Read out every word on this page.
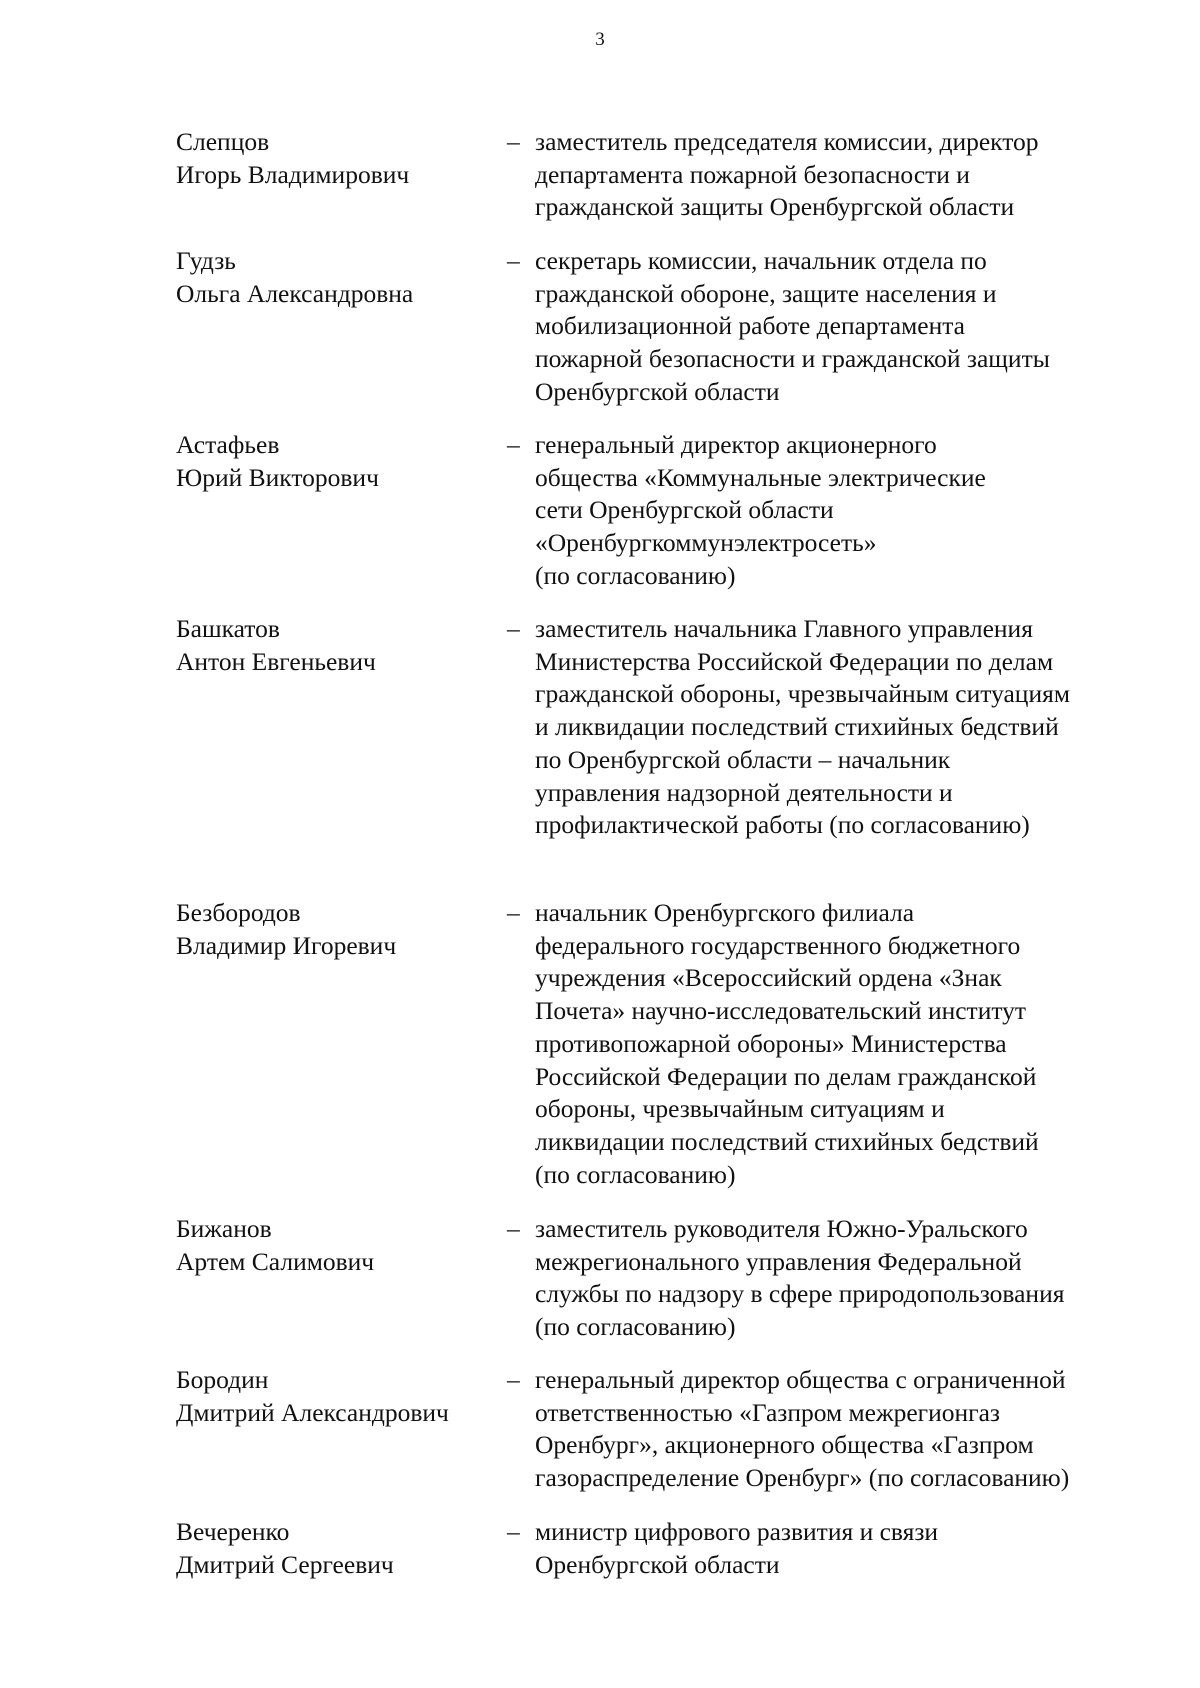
3
Слепцов
Игорь Владимирович
– заместитель председателя комиссии, директор
департамента пожарной безопасности и
гражданской защиты Оренбургской области
Гудзь
Ольга Александровна
– секретарь комиссии, начальник отдела по
гражданской обороне, защите населения и
мобилизационной работе департамента
пожарной безопасности и гражданской защиты
Оренбургской области
Астафьев
Юрий Викторович
– генеральный директор акционерного
общества «Коммунальные электрические
сети Оренбургской области
«Оренбургкоммунэлектросеть»
(по согласованию)
Башкатов
Антон Евгеньевич
– заместитель начальника Главного управления
Министерства Российской Федерации по делам
гражданской обороны, чрезвычайным ситуациям
и ликвидации последствий стихийных бедствий
по Оренбургской области – начальник
управления надзорной деятельности и
профилактической работы (по согласованию)
Безбородов
Владимир Игоревич
– начальник Оренбургского филиала
федерального государственного бюджетного
учреждения «Всероссийский ордена «Знак
Почета» научно-исследовательский институт
противопожарной обороны» Министерства
Российской Федерации по делам гражданской
обороны, чрезвычайным ситуациям и
ликвидации последствий стихийных бедствий
(по согласованию)
Бижанов
Артем Салимович
– заместитель руководителя Южно-Уральского
межрегионального управления Федеральной
службы по надзору в сфере природопользования
(по согласованию)
Бородин
Дмитрий Александрович
– генеральный директор общества с ограниченной
ответственностью «Газпром межрегионгаз
Оренбург», акционерного общества «Газпром
газораспределение Оренбург» (по согласованию)
Вечеренко
Дмитрий Сергеевич
– министр цифрового развития и связи
Оренбургской области
